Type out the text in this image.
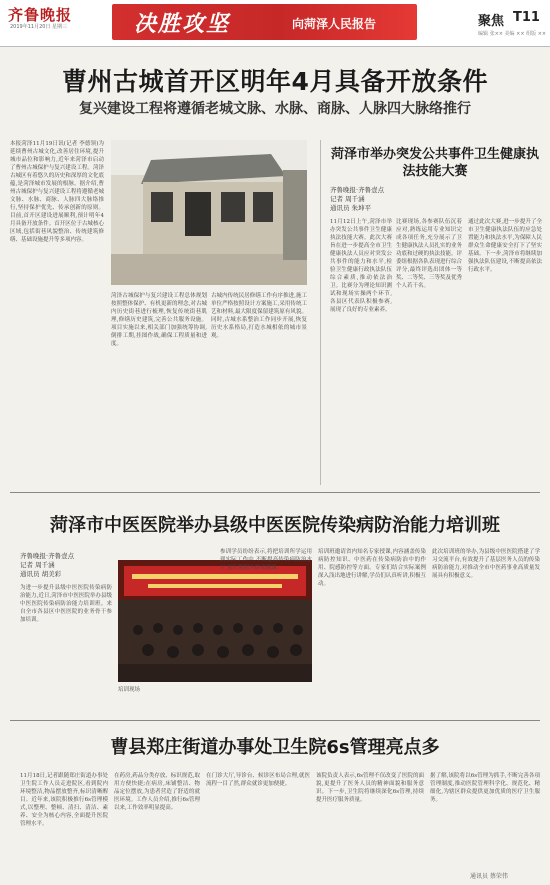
齐鲁晚报
2019年11月20日 星期三	决胜攻坚	向菏泽人民报告	聚焦 T11
编辑 张×× 美编 ×× 组版 ××
曹州古城首开区明年4月具备开放条件
复兴建设工程将遵循老城文脉、水脉、商脉、人脉四大脉络推行
本报菏泽11月19日讯(记者 李德领)为延续曹州古城文化,改善居住环境,提升城市品位和影响力,近年来菏泽市启动了曹州古城保护与复兴建设工程。菏泽古城区有着悠久的历史和深厚的文化底蕴,是菏泽城市发展的根脉。据介绍,曹州古城保护与复兴建设工程将遵循老城文脉、水脉、商脉、人脉四大脉络推行,坚持保护优先、传承创新的原则。目前,首开区建设进展顺利,预计明年4月具备开放条件。首开区位于古城核心区域,包括街巷风貌整治、传统建筑修缮、基础设施提升等多项内容。
菏泽古城保护与复兴建设工程总体规划按照整体保护、有机更新的理念,对古城内历史街巷进行梳理,恢复传统街巷肌理,修缮历史建筑,完善公共服务设施。项目实施以来,相关部门加强统筹协调,倒排工期,挂图作战,确保工程质量和进度。
古城内传统民居修缮工作有序推进,施工单位严格按照设计方案施工,采用传统工艺和材料,最大限度保留建筑原有风貌。同时,古城水系整治工作同步开展,恢复历史水系格局,打造水城相依的城市景观。
菏泽市举办突发公共事件卫生健康执法技能大赛
齐鲁晚报·齐鲁壹点
记者 周千涵
通讯员 朱坤平
11月12日上午,菏泽市举办突发公共事件卫生健康执法技能大赛。此次大赛旨在进一步提高全市卫生健康执法人员应对突发公共事件的能力和水平,检验卫生健康行政执法队伍综合素质,推动依法治卫。比赛分为理论知识测试和现场实操两个环节,各县区代表队积极参赛,展现了良好的专业素养。
比赛现场,各参赛队伍沉着应对,熟练运用专业知识完成各项任务,充分展示了卫生健康执法人员扎实的业务功底和过硬的执法技能。评委组根据各队表现进行综合评分,最终评选出团体一等奖、二等奖、三等奖及优秀个人若干名。
通过此次大赛,进一步提升了全市卫生健康执法队伍的应急处置能力和执法水平,为保障人民群众生命健康安全打下了坚实基础。下一步,菏泽市将继续加强执法队伍建设,不断提高依法行政水平。
菏泽市中医医院举办县级中医医院传染病防治能力培训班
齐鲁晚报·齐鲁壹点
记者 周千涵
通讯员 胡美彩
为进一步提升县级中医医院传染病防治能力,近日,菏泽市中医医院举办县级中医医院传染病防治能力培训班。来自全市各县区中医医院的业务骨干参加培训。
培训现场
参训学员纷纷表示,将把培训所学运用到实际工作中,不断提高传染病防治水平,更好地服务群众健康。
培训班邀请省内知名专家授课,内容涵盖传染病防控知识、中医药在传染病防治中的作用、院感防控等方面。专家们结合实际案例深入浅出地进行讲解,学员们认真听讲,积极互动。
此次培训班的举办,为县级中医医院搭建了学习交流平台,有效提升了基层医务人员的传染病防治能力,对推动全市中医药事业高质量发展具有积极意义。
曹县郑庄街道办事处卫生院6s管理亮点多
11月18日,记者跟随郑庄街道办事处卫生院工作人员走进院区,看到院内环境整洁,物品摆放整齐,标识清晰醒目。近年来,该院积极推行6s管理模式,以整理、整顿、清扫、清洁、素养、安全为核心内容,全面提升医院管理水平。
在药房,药品分类存放、标识规范,取用方便快捷;在病房,床铺整洁、物品定位摆放,为患者营造了舒适的就医环境。工作人员介绍,推行6s管理以来,工作效率明显提高。
在门诊大厅,导诊台、候诊区布局合理,就医流程一目了然,群众就诊更加便捷。
该院负责人表示,6s管理不仅改变了医院的面貌,更提升了医务人员的精神面貌和服务意识。下一步,卫生院将继续深化6s管理,持续提升医疗服务质量。
据了解,该院将以6s管理为抓手,不断完善各项管理制度,推动医院管理科学化、规范化、精细化,为辖区群众提供更加优质的医疗卫生服务。
通讯员 蔡荣伟
